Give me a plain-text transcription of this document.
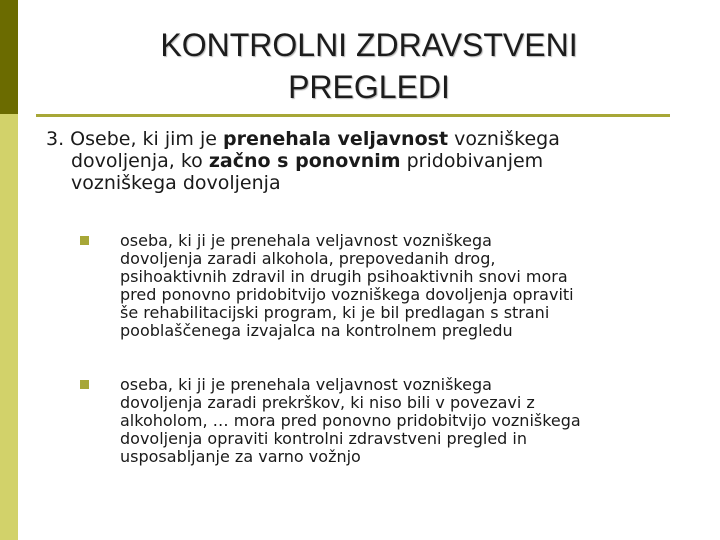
KONTROLNI ZDRAVSTVENI
PREGLEDI
3. Osebe, ki jim je prenehala veljavnost vozniškega
dovoljenja, ko začno s ponovnim pridobivanjem
vozniškega dovoljenja
oseba, ki ji je prenehala veljavnost vozniškega
dovoljenja zaradi alkohola, prepovedanih drog,
psihoaktivnih zdravil in drugih psihoaktivnih snovi mora
pred ponovno pridobitvijo vozniškega dovoljenja opraviti
še rehabilitacijski program, ki je bil predlagan s strani
pooblaščenega izvajalca na kontrolnem pregledu
oseba, ki ji je prenehala veljavnost vozniškega
dovoljenja zaradi prekrškov, ki niso bili v povezavi z
alkoholom, … mora pred ponovno pridobitvijo vozniškega
dovoljenja opraviti kontrolni zdravstveni pregled in
usposabljanje za varno vožnjo
